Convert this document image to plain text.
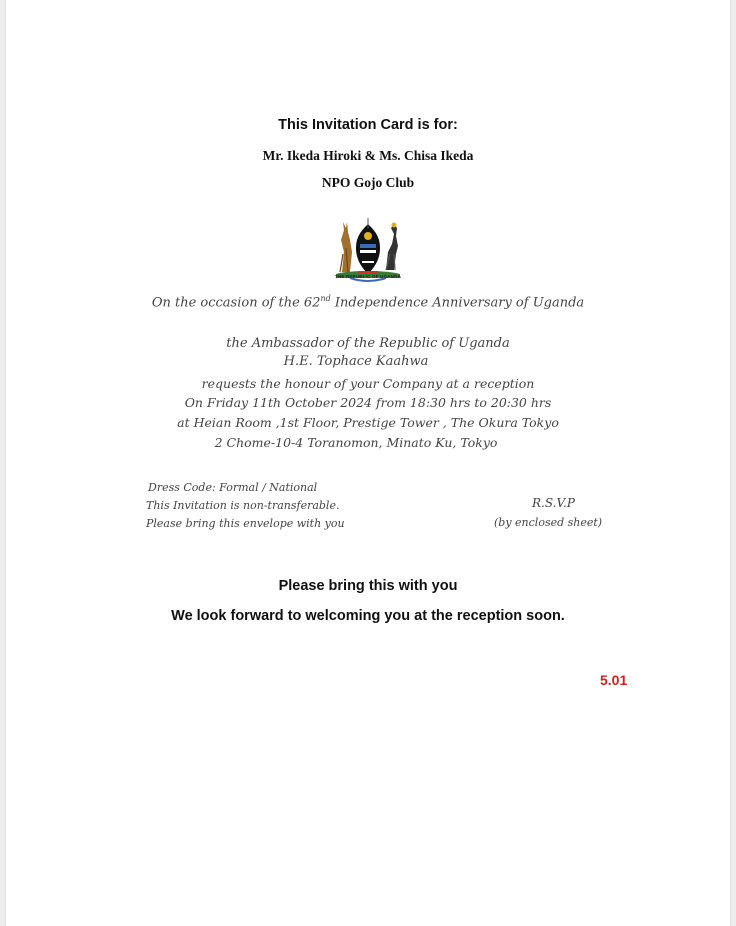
This Invitation Card is for:
Mr. Ikeda Hiroki & Ms. Chisa Ikeda
NPO Gojo Club
THE REPUBLIC OF UGANDA
On the occasion of the 62nd Independence Anniversary of Uganda
the Ambassador of the Republic of Uganda
H.E. Tophace Kaahwa
requests the honour of your Company at a reception
On Friday 11th October 2024 from 18:30 hrs to 20:30 hrs
at Heian Room ,1st Floor, Prestige Tower , The Okura Tokyo
2 Chome-10-4 Toranomon, Minato Ku, Tokyo
Dress Code: Formal / National
This Invitation is non-transferable.
Please bring this envelope with you
R.S.V.P
(by enclosed sheet)
Please bring this with you
We look forward to welcoming you at the reception soon.
5.01
